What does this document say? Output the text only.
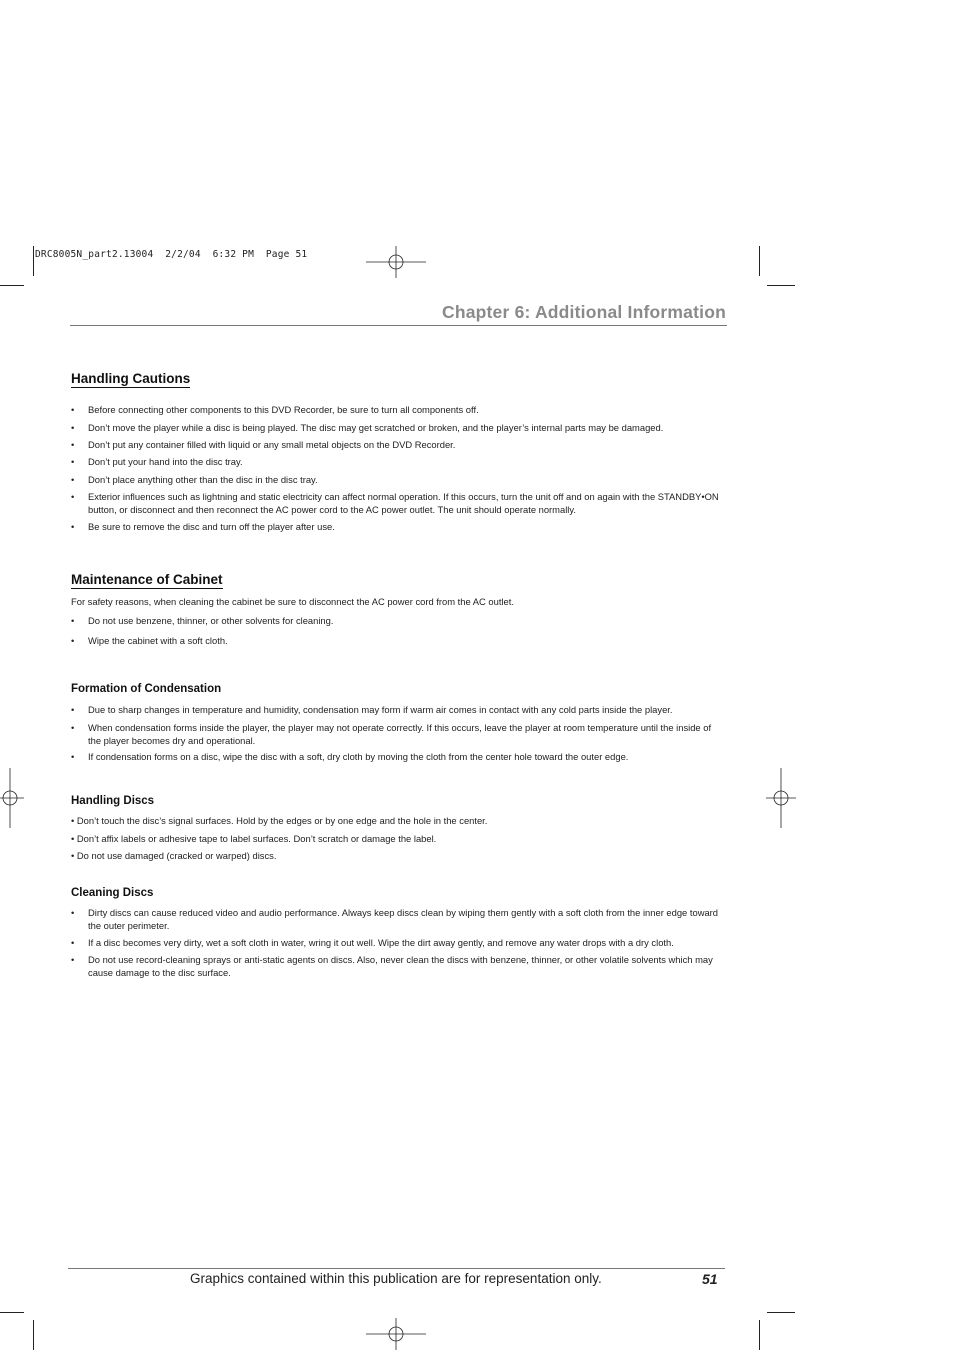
DRC8005N_part2.13004  2/2/04  6:32 PM  Page 51
Chapter 6: Additional Information
Handling Cautions
• Before connecting other components to this DVD Recorder, be sure to turn all components off.
• Don’t move the player while a disc is being played. The disc may get scratched or broken, and the player’s internal parts may be damaged.
• Don’t put any container filled with liquid or any small metal objects on the DVD Recorder.
• Don’t put your hand into the disc tray.
• Don’t place anything other than the disc in the disc tray.
• Exterior influences such as lightning and static electricity can affect normal operation. If this occurs, turn the unit off and on again with the STANDBY•ON button, or disconnect and then reconnect the AC power cord to the AC power outlet. The unit should operate normally.
• Be sure to remove the disc and turn off the player after use.
Maintenance of Cabinet
For safety reasons, when cleaning the cabinet be sure to disconnect the AC power cord from the AC outlet.
• Do not use benzene, thinner, or other solvents for cleaning.
• Wipe the cabinet with a soft cloth.
Formation of Condensation
• Due to sharp changes in temperature and humidity, condensation may form if warm air comes in contact with any cold parts inside the player.
• When condensation forms inside the player, the player may not operate correctly. If this occurs, leave the player at room temperature until the inside of the player becomes dry and operational.
• If condensation forms on a disc, wipe the disc with a soft, dry cloth by moving the cloth from the center hole toward the outer edge.
Handling Discs
• Don’t touch the disc’s signal surfaces. Hold by the edges or by one edge and the hole in the center.
• Don’t affix labels or adhesive tape to label surfaces. Don’t scratch or damage the label.
• Do not use damaged (cracked or warped) discs.
Cleaning Discs
• Dirty discs can cause reduced video and audio performance. Always keep discs clean by wiping them gently with a soft cloth from the inner edge toward the outer perimeter.
• If a disc becomes very dirty, wet a soft cloth in water, wring it out well. Wipe the dirt away gently, and remove any water drops with a dry cloth.
• Do not use record-cleaning sprays or anti-static agents on discs. Also, never clean the discs with benzene, thinner, or other volatile solvents which may cause damage to the disc surface.
Graphics contained within this publication are for representation only.	51
